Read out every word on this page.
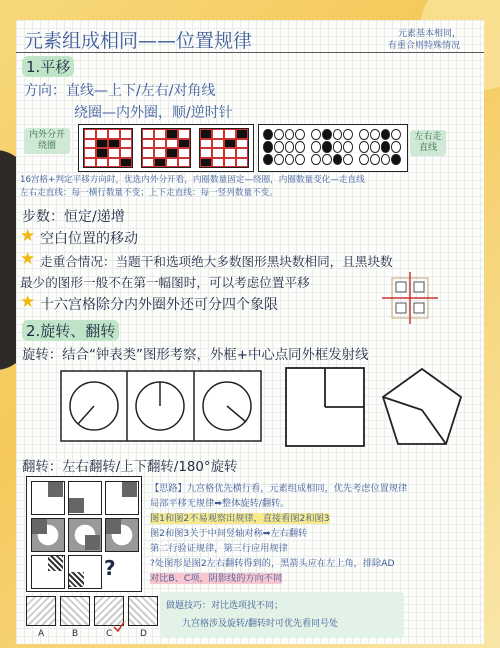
元素组成相同——位置规律	元素基本相同，
有重合则特殊情况
1.平移
方向：直线—上下/左右/对角线
绕圈—内外圈，顺/逆时针
内外分开绕圈
左右走直线
16宫格+判定平移方向时，优选内外分开看，内圈数量固定—绕圈，内圈数量变化—走直线
左右走直线：每一横行数量不变；上下走直线：每一竖列数量不变。
步数：恒定/递增
★ 空白位置的移动
★ 走重合情况：当题干和选项绝大多数图形黑块数相同，且黑块数
最少的图形一般不在第一幅图时，可以考虑位置平移
★ 十六宫格除分内外圈外还可分四个象限
2.旋转、翻转
旋转：结合“钟表类”图形考察，外框+中心点同外框发射线
翻转：左右翻转/上下翻转/180°旋转
?
A	B	C	D
【思路】九宫格优先横行看，元素组成相同，优先考虑位置规律
局部平移无规律➡整体旋转/翻转。
图1和图2不易观察出规律，直接看图2和图3
图2和图3关于中间竖轴对称➡左右翻转
第二行验证规律，第三行应用规律
?处图形是图2左右翻转得到的，黑箭头应在左上角，排除AD
对比B、C项，阴影线的方向不同
做题技巧：对比选项找不同；
九宫格涉及旋转/翻转时可优先看同号处
